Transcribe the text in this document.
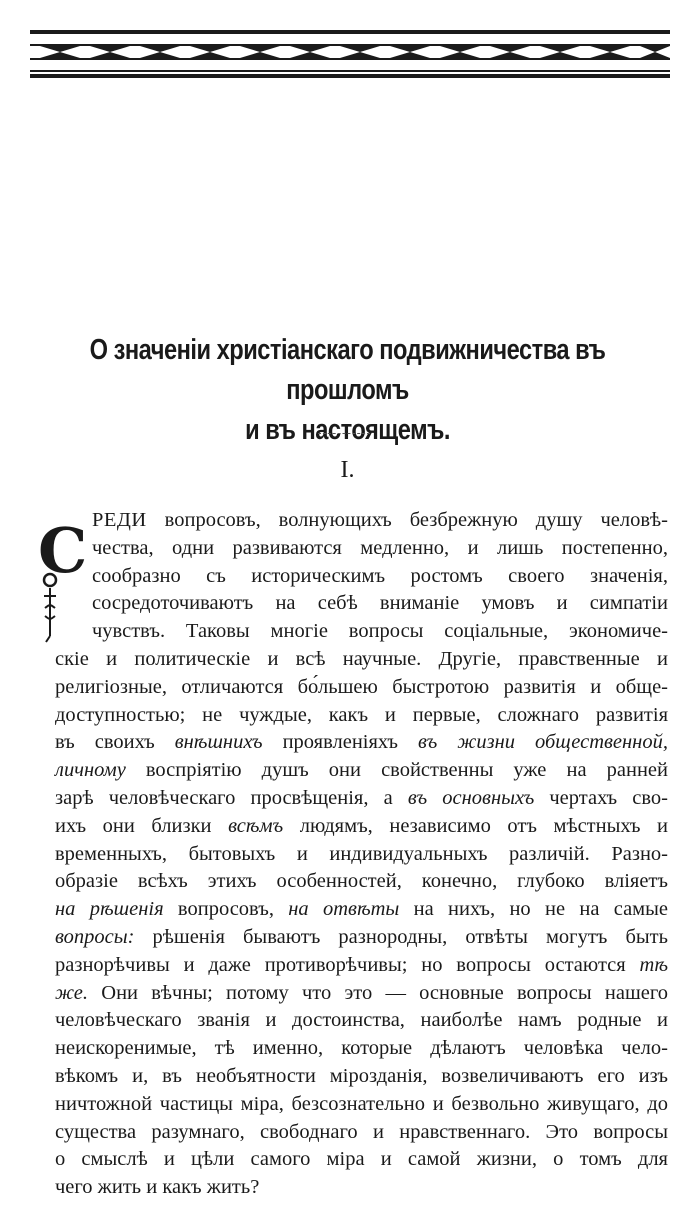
О значеніи христіанскаго подвижничества въ прошломъ
и въ настоящемъ.
I.
С РЕДИ вопросовъ, волнующихъ безбрежную душу человѣ-
чества, одни развиваются медленно, и лишь постепенно,
сообразно съ историческимъ ростомъ своего значенія,
сосредоточиваютъ на себѣ вниманіе умовъ и симпатіи
чувствъ. Таковы многіе вопросы соціальные, экономиче-
скіе и политическіе и всѣ научные. Другіе, правственные и
религіозные, отличаются бо́льшею быстротою развитія и обще-
доступностью; не чуждые, какъ и первые, сложнаго развитія
въ своихъ внѣшнихъ проявленіяхъ въ жизни общественной,
личному воспріятію душъ они свойственны уже на ранней
зарѣ человѣческаго просвѣщенія, а въ основныхъ чертахъ сво-
ихъ они близки всѣмъ людямъ, независимо отъ мѣстныхъ и
временныхъ, бытовыхъ и индивидуальныхъ различій. Разно-
образіе всѣхъ этихъ особенностей, конечно, глубоко вліяетъ
на рѣшенія вопросовъ, на отвѣты на нихъ, но не на самые
вопросы: рѣшенія бываютъ разнородны, отвѣты могутъ быть
разнорѣчивы и даже противорѣчивы; но вопросы остаются тѣ
же. Они вѣчны; потому что это — основные вопросы нашего
человѣческаго званія и достоинства, наиболѣе намъ родные и
неискоренимые, тѣ именно, которые дѣлаютъ человѣка чело-
вѣкомъ и, въ необъятности мірозданія, возвеличиваютъ его изъ
ничтожной частицы міра, безсознательно и безвольно живущаго, до
существа разумнаго, свободнаго и нравственнаго. Это вопросы
о смыслѣ и цѣли самого міра и самой жизни, о томъ для
чего жить и какъ жить?
